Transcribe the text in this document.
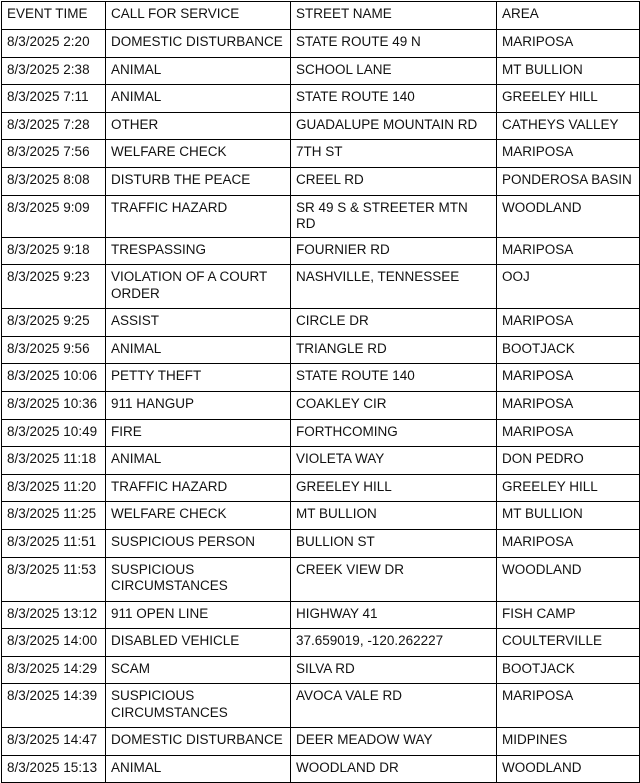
EVENT TIME	CALL FOR SERVICE	STREET NAME	AREA
8/3/2025 2:20	DOMESTIC DISTURBANCE	STATE ROUTE 49 N	MARIPOSA
8/3/2025 2:38	ANIMAL	SCHOOL LANE	MT BULLION
8/3/2025 7:11	ANIMAL	STATE ROUTE 140	GREELEY HILL
8/3/2025 7:28	OTHER	GUADALUPE MOUNTAIN RD	CATHEYS VALLEY
8/3/2025 7:56	WELFARE CHECK	7TH ST	MARIPOSA
8/3/2025 8:08	DISTURB THE PEACE	CREEL RD	PONDEROSA BASIN
8/3/2025 9:09	TRAFFIC HAZARD	SR 49 S & STREETER MTN RD	WOODLAND
8/3/2025 9:18	TRESPASSING	FOURNIER RD	MARIPOSA
8/3/2025 9:23	VIOLATION OF A COURT ORDER	NASHVILLE, TENNESSEE	OOJ
8/3/2025 9:25	ASSIST	CIRCLE DR	MARIPOSA
8/3/2025 9:56	ANIMAL	TRIANGLE RD	BOOTJACK
8/3/2025 10:06	PETTY THEFT	STATE ROUTE 140	MARIPOSA
8/3/2025 10:36	911 HANGUP	COAKLEY CIR	MARIPOSA
8/3/2025 10:49	FIRE	FORTHCOMING	MARIPOSA
8/3/2025 11:18	ANIMAL	VIOLETA WAY	DON PEDRO
8/3/2025 11:20	TRAFFIC HAZARD	GREELEY HILL	GREELEY HILL
8/3/2025 11:25	WELFARE CHECK	MT BULLION	MT BULLION
8/3/2025 11:51	SUSPICIOUS PERSON	BULLION ST	MARIPOSA
8/3/2025 11:53	SUSPICIOUS CIRCUMSTANCES	CREEK VIEW DR	WOODLAND
8/3/2025 13:12	911 OPEN LINE	HIGHWAY 41	FISH CAMP
8/3/2025 14:00	DISABLED VEHICLE	37.659019, -120.262227	COULTERVILLE
8/3/2025 14:29	SCAM	SILVA RD	BOOTJACK
8/3/2025 14:39	SUSPICIOUS CIRCUMSTANCES	AVOCA VALE RD	MARIPOSA
8/3/2025 14:47	DOMESTIC DISTURBANCE	DEER MEADOW WAY	MIDPINES
8/3/2025 15:13	ANIMAL	WOODLAND DR	WOODLAND
